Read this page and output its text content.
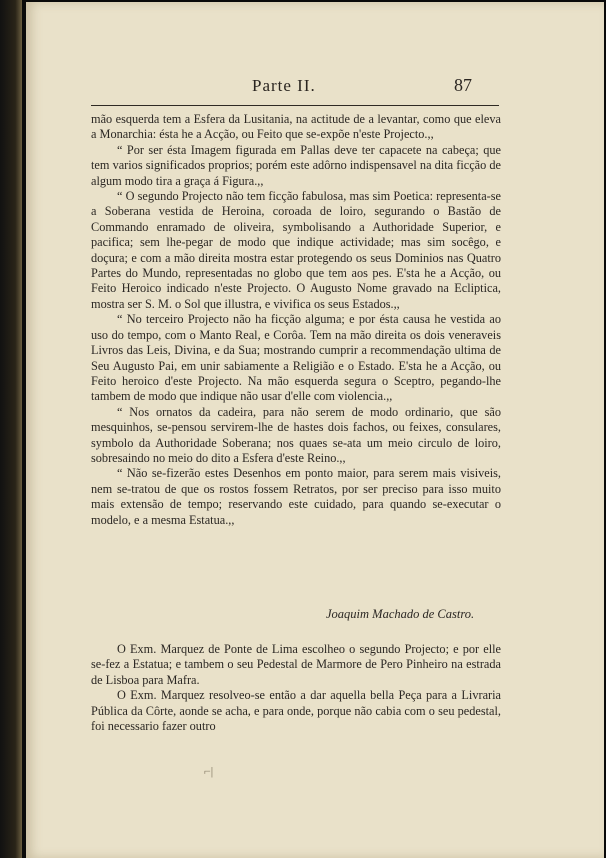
Parte II.	87

mão esquerda tem a Esfera da Lusitania, na actitude de a levantar, como que eleva a Monarchia: ésta he a Acção, ou Feito que se-expõe n'este Projecto.,,

“ Por ser ésta Imagem figurada em Pallas deve ter capacete na cabeça; que tem varios significados proprios; porém este adôrno indispensavel na dita ficção de algum modo tira a graça á Figura.,,

“ O segundo Projecto não tem ficção fabulosa, mas sim Poetica: representa-se a Soberana vestida de Heroina, coroada de loiro, segurando o Bastão de Commando enramado de oliveira, symbolisando a Authoridade Superior, e pacifica; sem lhe-pegar de modo que indique actividade; mas sim socêgo, e doçura; e com a mão direita mostra estar protegendo os seus Dominios nas Quatro Partes do Mundo, representadas no globo que tem aos pes. E'sta he a Acção, ou Feito Heroico indicado n'este Projecto. O Augusto Nome gravado na Ecliptica, mostra ser S. M. o Sol que illustra, e vivifica os seus Estados.,,

“ No terceiro Projecto não ha ficção alguma; e por ésta causa he vestida ao uso do tempo, com o Manto Real, e Corôa. Tem na mão direita os dois veneraveis Livros das Leis, Divina, e da Sua; mostrando cumprir a recommendação ultima de Seu Augusto Pai, em unir sabiamente a Religião e o Estado. E'sta he a Acção, ou Feito heroico d'este Projecto. Na mão esquerda segura o Sceptro, pegando-lhe tambem de modo que indique não usar d'elle com violencia.,,

“ Nos ornatos da cadeira, para não serem de modo ordinario, que são mesquinhos, se-pensou servirem-lhe de hastes dois fachos, ou feixes, consulares, symbolo da Authoridade Soberana; nos quaes se-ata um meio circulo de loiro, sobresaindo no meio do dito a Esfera d'este Reino.,,

“ Não se-fizerão estes Desenhos em ponto maior, para serem mais visiveis, nem se-tratou de que os rostos fossem Retratos, por ser preciso para isso muito mais extensão de tempo; reservando este cuidado, para quando se-executar o modelo, e a mesma Estatua.,,

Joaquim Machado de Castro.

O Exm. Marquez de Ponte de Lima escolheo o segundo Projecto; e por elle se-fez a Estatua; e tambem o seu Pedestal de Marmore de Pero Pinheiro na estrada de Lisboa para Mafra.

O Exm. Marquez resolveo-se então a dar aquella bella Peça para a Livraria Pública da Côrte, aonde se acha, e para onde, porque não cabia com o seu pedestal, foi necessario fazer outro

⌐|
